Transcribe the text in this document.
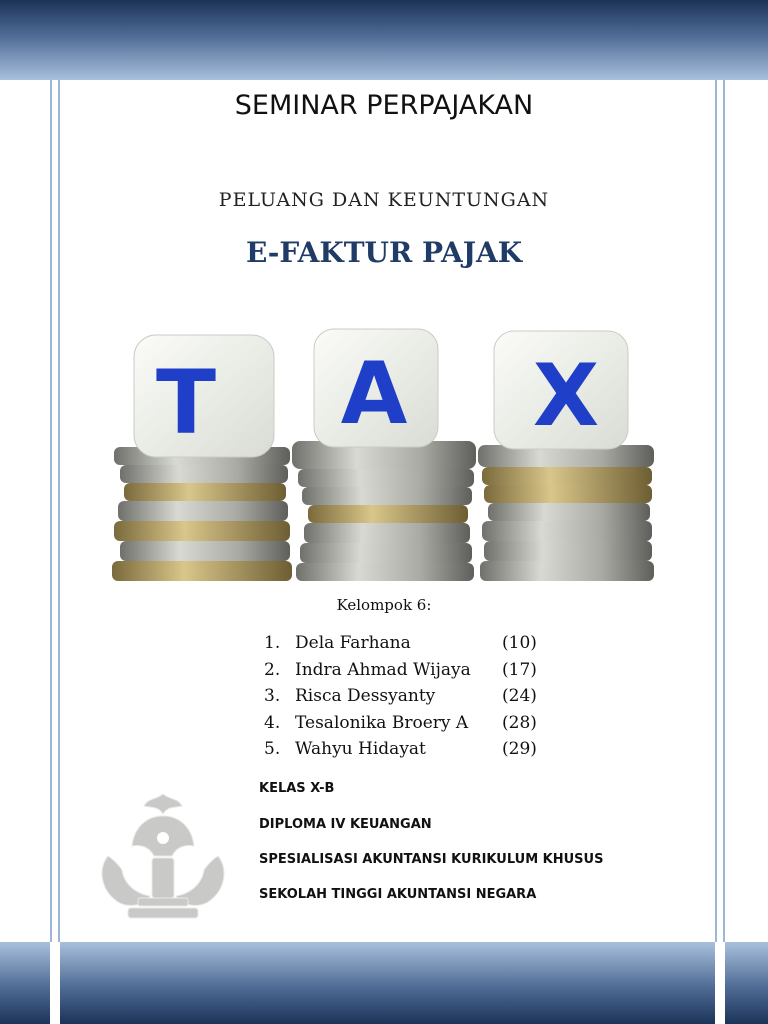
SEMINAR PERPAJAKAN
PELUANG DAN KEUNTUNGAN
E-FAKTUR PAJAK
T A X
Kelompok 6:
1. Dela Farhana	(10)
2. Indra Ahmad Wijaya (17)
3. Risca Dessyanty	(24)
4. Tesalonika Broery A (28)
5. Wahyu Hidayat	(29)

KELAS X-B

DIPLOMA IV KEUANGAN

SPESIALISASI AKUNTANSI KURIKULUM KHUSUS

SEKOLAH TINGGI AKUNTANSI NEGARA
